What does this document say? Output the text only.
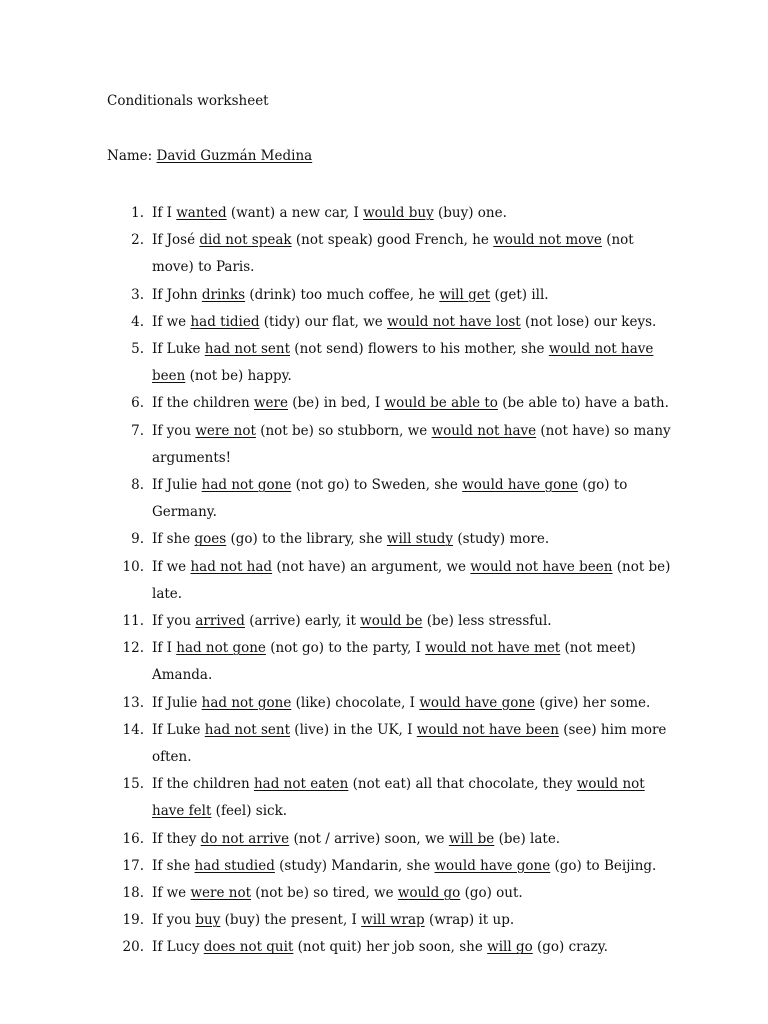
Conditionals worksheet
Name: David Guzmán Medina
1. If I wanted (want) a new car, I would buy (buy) one.
2. If José did not speak (not speak) good French, he would not move (not move) to Paris.
3. If John drinks (drink) too much coffee, he will get (get) ill.
4. If we had tidied (tidy) our flat, we would not have lost (not lose) our keys.
5. If Luke had not sent (not send) flowers to his mother, she would not have been (not be) happy.
6. If the children were (be) in bed, I would be able to (be able to) have a bath.
7. If you were not (not be) so stubborn, we would not have (not have) so many arguments!
8. If Julie had not gone (not go) to Sweden, she would have gone (go) to Germany.
9. If she goes (go) to the library, she will study (study) more.
10. If we had not had (not have) an argument, we would not have been (not be) late.
11. If you arrived (arrive) early, it would be (be) less stressful.
12. If I had not gone (not go) to the party, I would not have met (not meet) Amanda.
13. If Julie had not gone (like) chocolate, I would have gone (give) her some.
14. If Luke had not sent (live) in the UK, I would not have been (see) him more often.
15. If the children had not eaten (not eat) all that chocolate, they would not have felt (feel) sick.
16. If they do not arrive (not / arrive) soon, we will be (be) late.
17. If she had studied (study) Mandarin, she would have gone (go) to Beijing.
18. If we were not (not be) so tired, we would go (go) out.
19. If you buy (buy) the present, I will wrap (wrap) it up.
20. If Lucy does not quit (not quit) her job soon, she will go (go) crazy.
